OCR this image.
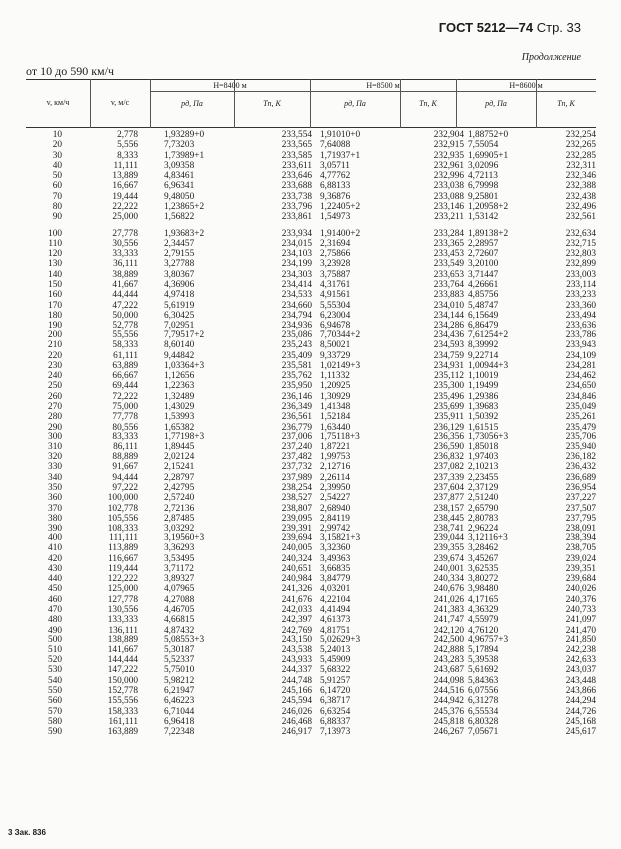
ГОСТ 5212—74 Стр. 33
Продолжение
от 10 до 590 км/ч
v, км/ч	v, м/с
H=8400 м	H=8500 м	H=8600 м
pд, Па	Tп, К	pд, Па	Tп, К	pд, Па	Tп, К
10	2,778	1,93289+0	233,554 1,91010+0	232,904 1,88752+0	232,254
20	5,556	7,73203	233,565 7,64088	232,915 7,55054	232,265
30	8,333	1,73989+1	233,585 1,71937+1	232,935 1,69905+1	232,285
40	11,111	3,09358	233,611 3,05711	232,961 3,02096	232,311
50	13,889	4,83461	233,646 4,77762	232,996 4,72113	232,346
60	16,667	6,96341	233,688 6,88133	233,038 6,79998	232,388
70	19,444	9,48050	233,738 9,36876	233,088 9,25801	232,438
80	22,222	1,23865+2	233,796 1,22405+2	233,146 1,20958+2	232,496
90	25,000	1,56822	233,861 1,54973	233,211 1,53142	232,561
100	27,778	1,93683+2	233,934 1,91400+2	233,284 1,89138+2	232,634
110	30,556	2,34457	234,015 2,31694	233,365 2,28957	232,715
120	33,333	2,79155	234,103 2,75866	233,453 2,72607	232,803
130	36,111	3,27788	234,199 3,23928	233,549 3,20100	232,899
140	38,889	3,80367	234,303 3,75887	233,653 3,71447	233,003
150	41,667	4,36906	234,414 4,31761	233,764 4,26661	233,114
160	44,444	4,97418	234,533 4,91561	233,883 4,85756	233,233
170	47,222	5,61919	234,660 5,55304	234,010 5,48747	233,360
180	50,000	6,30425	234,794 6,23004	234,144 6,15649	233,494
190	52,778	7,02951	234,936 6,94678	234,286 6,86479	233,636
200	55,556	7,79517+2	235,086 7,70344+2	234,436 7,61254+2	233,786
210	58,333	8,60140	235,243 8,50021	234,593 8,39992	233,943
220	61,111	9,44842	235,409 9,33729	234,759 9,22714	234,109
230	63,889	1,03364+3	235,581 1,02149+3	234,931 1,00944+3	234,281
240	66,667	1,12656	235,762 1,11332	235,112 1,10019	234,462
250	69,444	1,22363	235,950 1,20925	235,300 1,19499	234,650
260	72,222	1,32489	236,146 1,30929	235,496 1,29386	234,846
270	75,000	1,43029	236,349 1,41348	235,699 1,39683	235,049
280	77,778	1,53993	236,561 1,52184	235,911 1,50392	235,261
290	80,556	1,65382	236,779 1,63440	236,129 1,61515	235,479
300	83,333	1,77198+3	237,006 1,75118+3	236,356 1,73056+3	235,706
310	86,111	1,89445	237,240 1,87221	236,590 1,85018	235,940
320	88,889	2,02124	237,482 1,99753	236,832 1,97403	236,182
330	91,667	2,15241	237,732 2,12716	237,082 2,10213	236,432
340	94,444	2,28797	237,989 2,26114	237,339 2,23455	236,689
350	97,222	2,42795	238,254 2,39950	237,604 2,37129	236,954
360	100,000	2,57240	238,527 2,54227	237,877 2,51240	237,227
370	102,778	2,72136	238,807 2,68940	238,157 2,65790	237,507
380	105,556	2,87485	239,095 2,84119	238,445 2,80783	237,795
390	108,333	3,03292	239,391 2,99742	238,741 2,96224	238,091
400	111,111	3,19560+3	239,694 3,15821+3	239,044 3,12116+3	238,394
410	113,889	3,36293	240,005 3,32360	239,355 3,28462	238,705
420	116,667	3,53495	240,324 3,49363	239,674 3,45267	239,024
430	119,444	3,71172	240,651 3,66835	240,001 3,62535	239,351
440	122,222	3,89327	240,984 3,84779	240,334 3,80272	239,684
450	125,000	4,07965	241,326 4,03201	240,676 3,98480	240,026
460	127,778	4,27088	241,676 4,22104	241,026 4,17165	240,376
470	130,556	4,46705	242,033 4,41494	241,383 4,36329	240,733
480	133,333	4,66815	242,397 4,61373	241,747 4,55979	241,097
490	136,111	4,87432	242,769 4,81751	242,120 4,76120	241,470
500	138,889	5,08553+3	243,150 5,02629+3	242,500 4,96757+3	241,850
510	141,667	5,30187	243,538 5,24013	242,888 5,17894	242,238
520	144,444	5,52337	243,933 5,45909	243,283 5,39538	242,633
530	147,222	5,75010	244,337 5,68322	243,687 5,61692	243,037
540	150,000	5,98212	244,748 5,91257	244,098 5,84363	243,448
550	152,778	6,21947	245,166 6,14720	244,516 6,07556	243,866
560	155,556	6,46223	245,594 6,38717	244,942 6,31278	244,294
570	158,333	6,71044	246,026 6,63254	245,376 6,55534	244,726
580	161,111	6,96418	246,468 6,88337	245,818 6,80328	245,168
590	163,889	7,22348	246,917 7,13973	246,267 7,05671	245,617
3 Зак. 836
